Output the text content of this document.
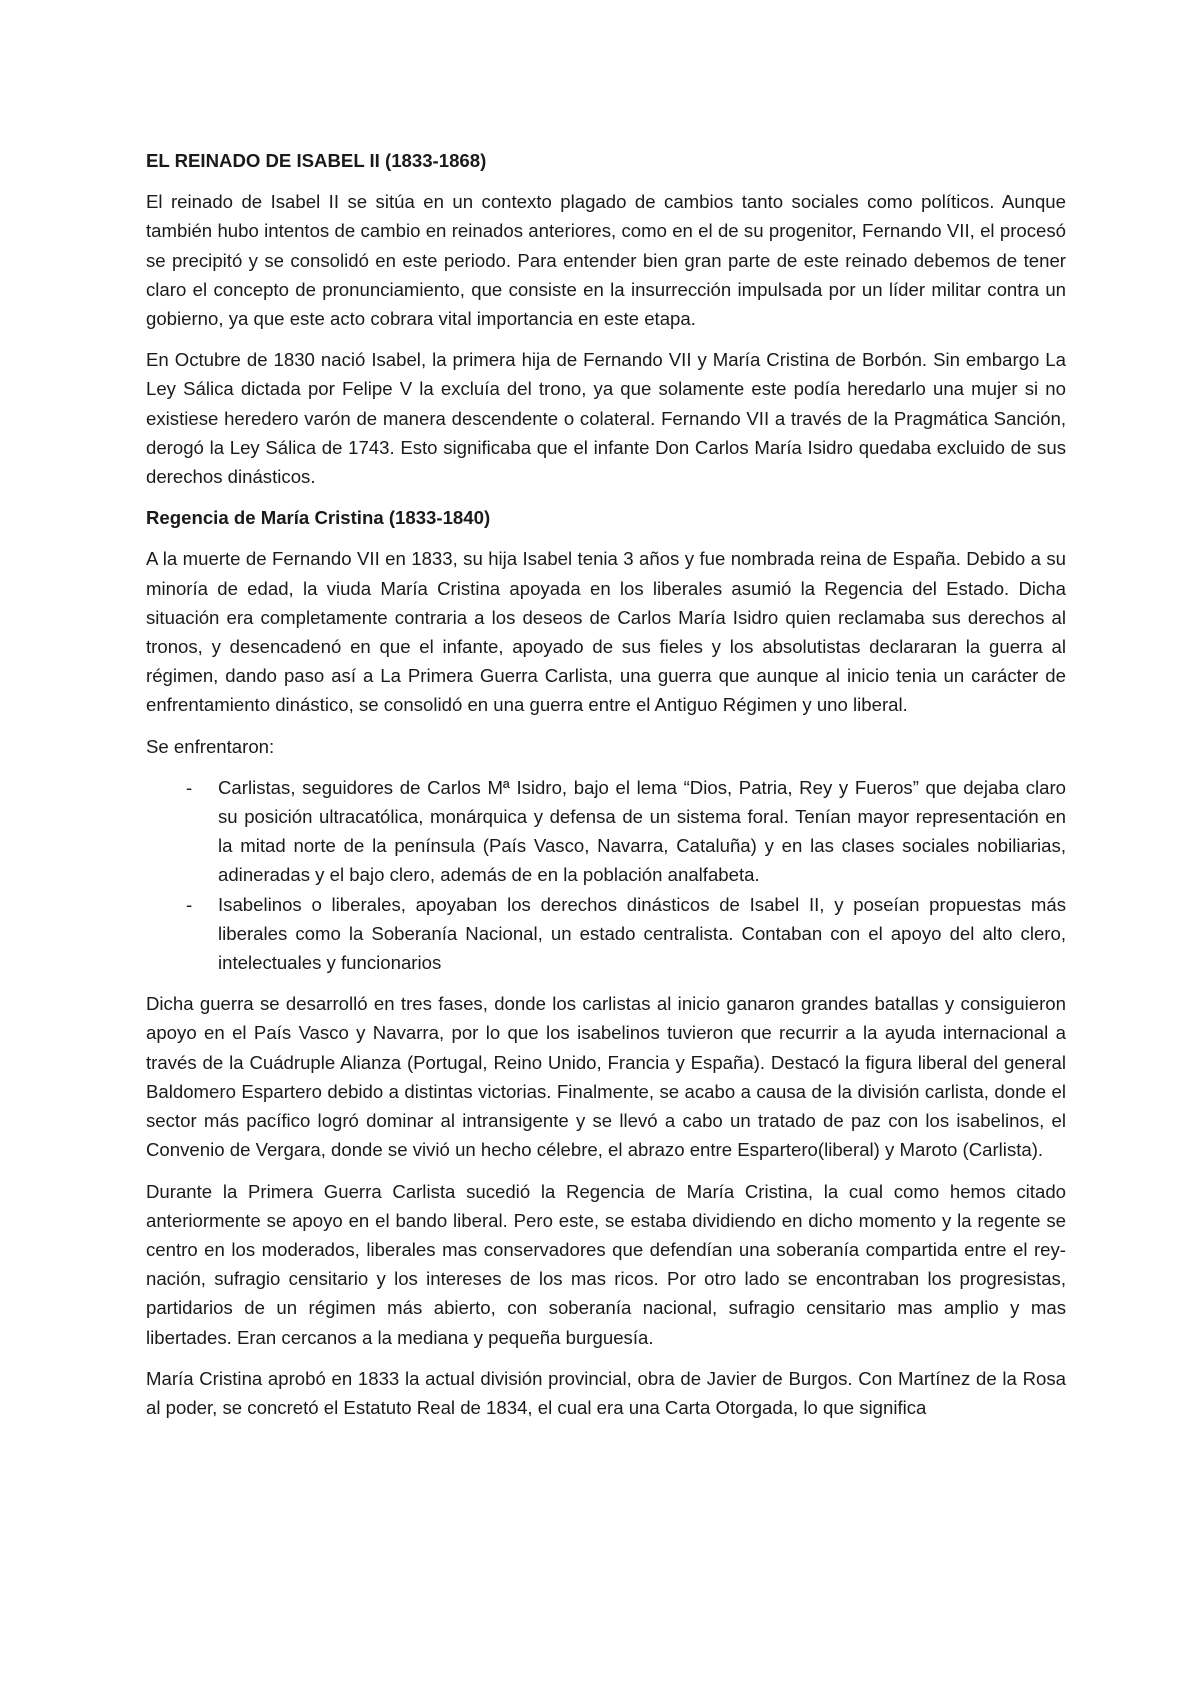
EL REINADO DE ISABEL II (1833-1868)

El reinado de Isabel II se sitúa en un contexto plagado de cambios tanto sociales como políticos. Aunque también hubo intentos de cambio en reinados anteriores, como en el de su progenitor, Fernando VII, el procesó se precipitó y se consolidó en este periodo. Para entender bien gran parte de este reinado debemos de tener claro el concepto de pronunciamiento, que consiste en la insurrección impulsada por un líder militar contra un gobierno, ya que este acto cobrara vital importancia en este etapa.

En Octubre de 1830 nació Isabel, la primera hija de Fernando VII y María Cristina de Borbón. Sin embargo La Ley Sálica dictada por Felipe V la excluía del trono, ya que solamente este podía heredarlo una mujer si no existiese heredero varón de manera descendente o colateral. Fernando VII a través de la Pragmática Sanción, derogó la Ley Sálica de 1743. Esto significaba que el infante Don Carlos María Isidro quedaba excluido de sus derechos dinásticos.

Regencia de María Cristina (1833-1840)

A la muerte de Fernando VII en 1833, su hija Isabel tenia 3 años y fue nombrada reina de España. Debido a su minoría de edad, la viuda María Cristina apoyada en los liberales asumió la Regencia del Estado. Dicha situación era completamente contraria a los deseos de Carlos María Isidro quien reclamaba sus derechos al tronos, y desencadenó en que el infante, apoyado de sus fieles y los absolutistas declararan la guerra al régimen, dando paso así a La Primera Guerra Carlista, una guerra que aunque al inicio tenia un carácter de enfrentamiento dinástico, se consolidó en una guerra entre el Antiguo Régimen y uno liberal.

Se enfrentaron:

- Carlistas, seguidores de Carlos Mª Isidro, bajo el lema “Dios, Patria, Rey y Fueros” que dejaba claro su posición ultracatólica, monárquica y defensa de un sistema foral. Tenían mayor representación en la mitad norte de la península (País Vasco, Navarra, Cataluña) y en las clases sociales nobiliarias, adineradas y el bajo clero, además de en la población analfabeta.
- Isabelinos o liberales, apoyaban los derechos dinásticos de Isabel II, y poseían propuestas más liberales como la Soberanía Nacional, un estado centralista. Contaban con el apoyo del alto clero, intelectuales y funcionarios

Dicha guerra se desarrolló en tres fases, donde los carlistas al inicio ganaron grandes batallas y consiguieron apoyo en el País Vasco y Navarra, por lo que los isabelinos tuvieron que recurrir a la ayuda internacional a través de la Cuádruple Alianza (Portugal, Reino Unido, Francia y España). Destacó la figura liberal del general Baldomero Espartero debido a distintas victorias. Finalmente, se acabo a causa de la división carlista, donde el sector más pacífico logró dominar al intransigente y se llevó a cabo un tratado de paz con los isabelinos, el Convenio de Vergara, donde se vivió un hecho célebre, el abrazo entre Espartero(liberal) y Maroto (Carlista).

Durante la Primera Guerra Carlista sucedió la Regencia de María Cristina, la cual como hemos citado anteriormente se apoyo en el bando liberal. Pero este, se estaba dividiendo en dicho momento y la regente se centro en los moderados, liberales mas conservadores que defendían una soberanía compartida entre el rey-nación, sufragio censitario y los intereses de los mas ricos. Por otro lado se encontraban los progresistas, partidarios de un régimen más abierto, con soberanía nacional, sufragio censitario mas amplio y mas libertades. Eran cercanos a la mediana y pequeña burguesía.

María Cristina aprobó en 1833 la actual división provincial, obra de Javier de Burgos. Con Martínez de la Rosa al poder, se concretó el Estatuto Real de 1834, el cual era una Carta Otorgada, lo que significa
